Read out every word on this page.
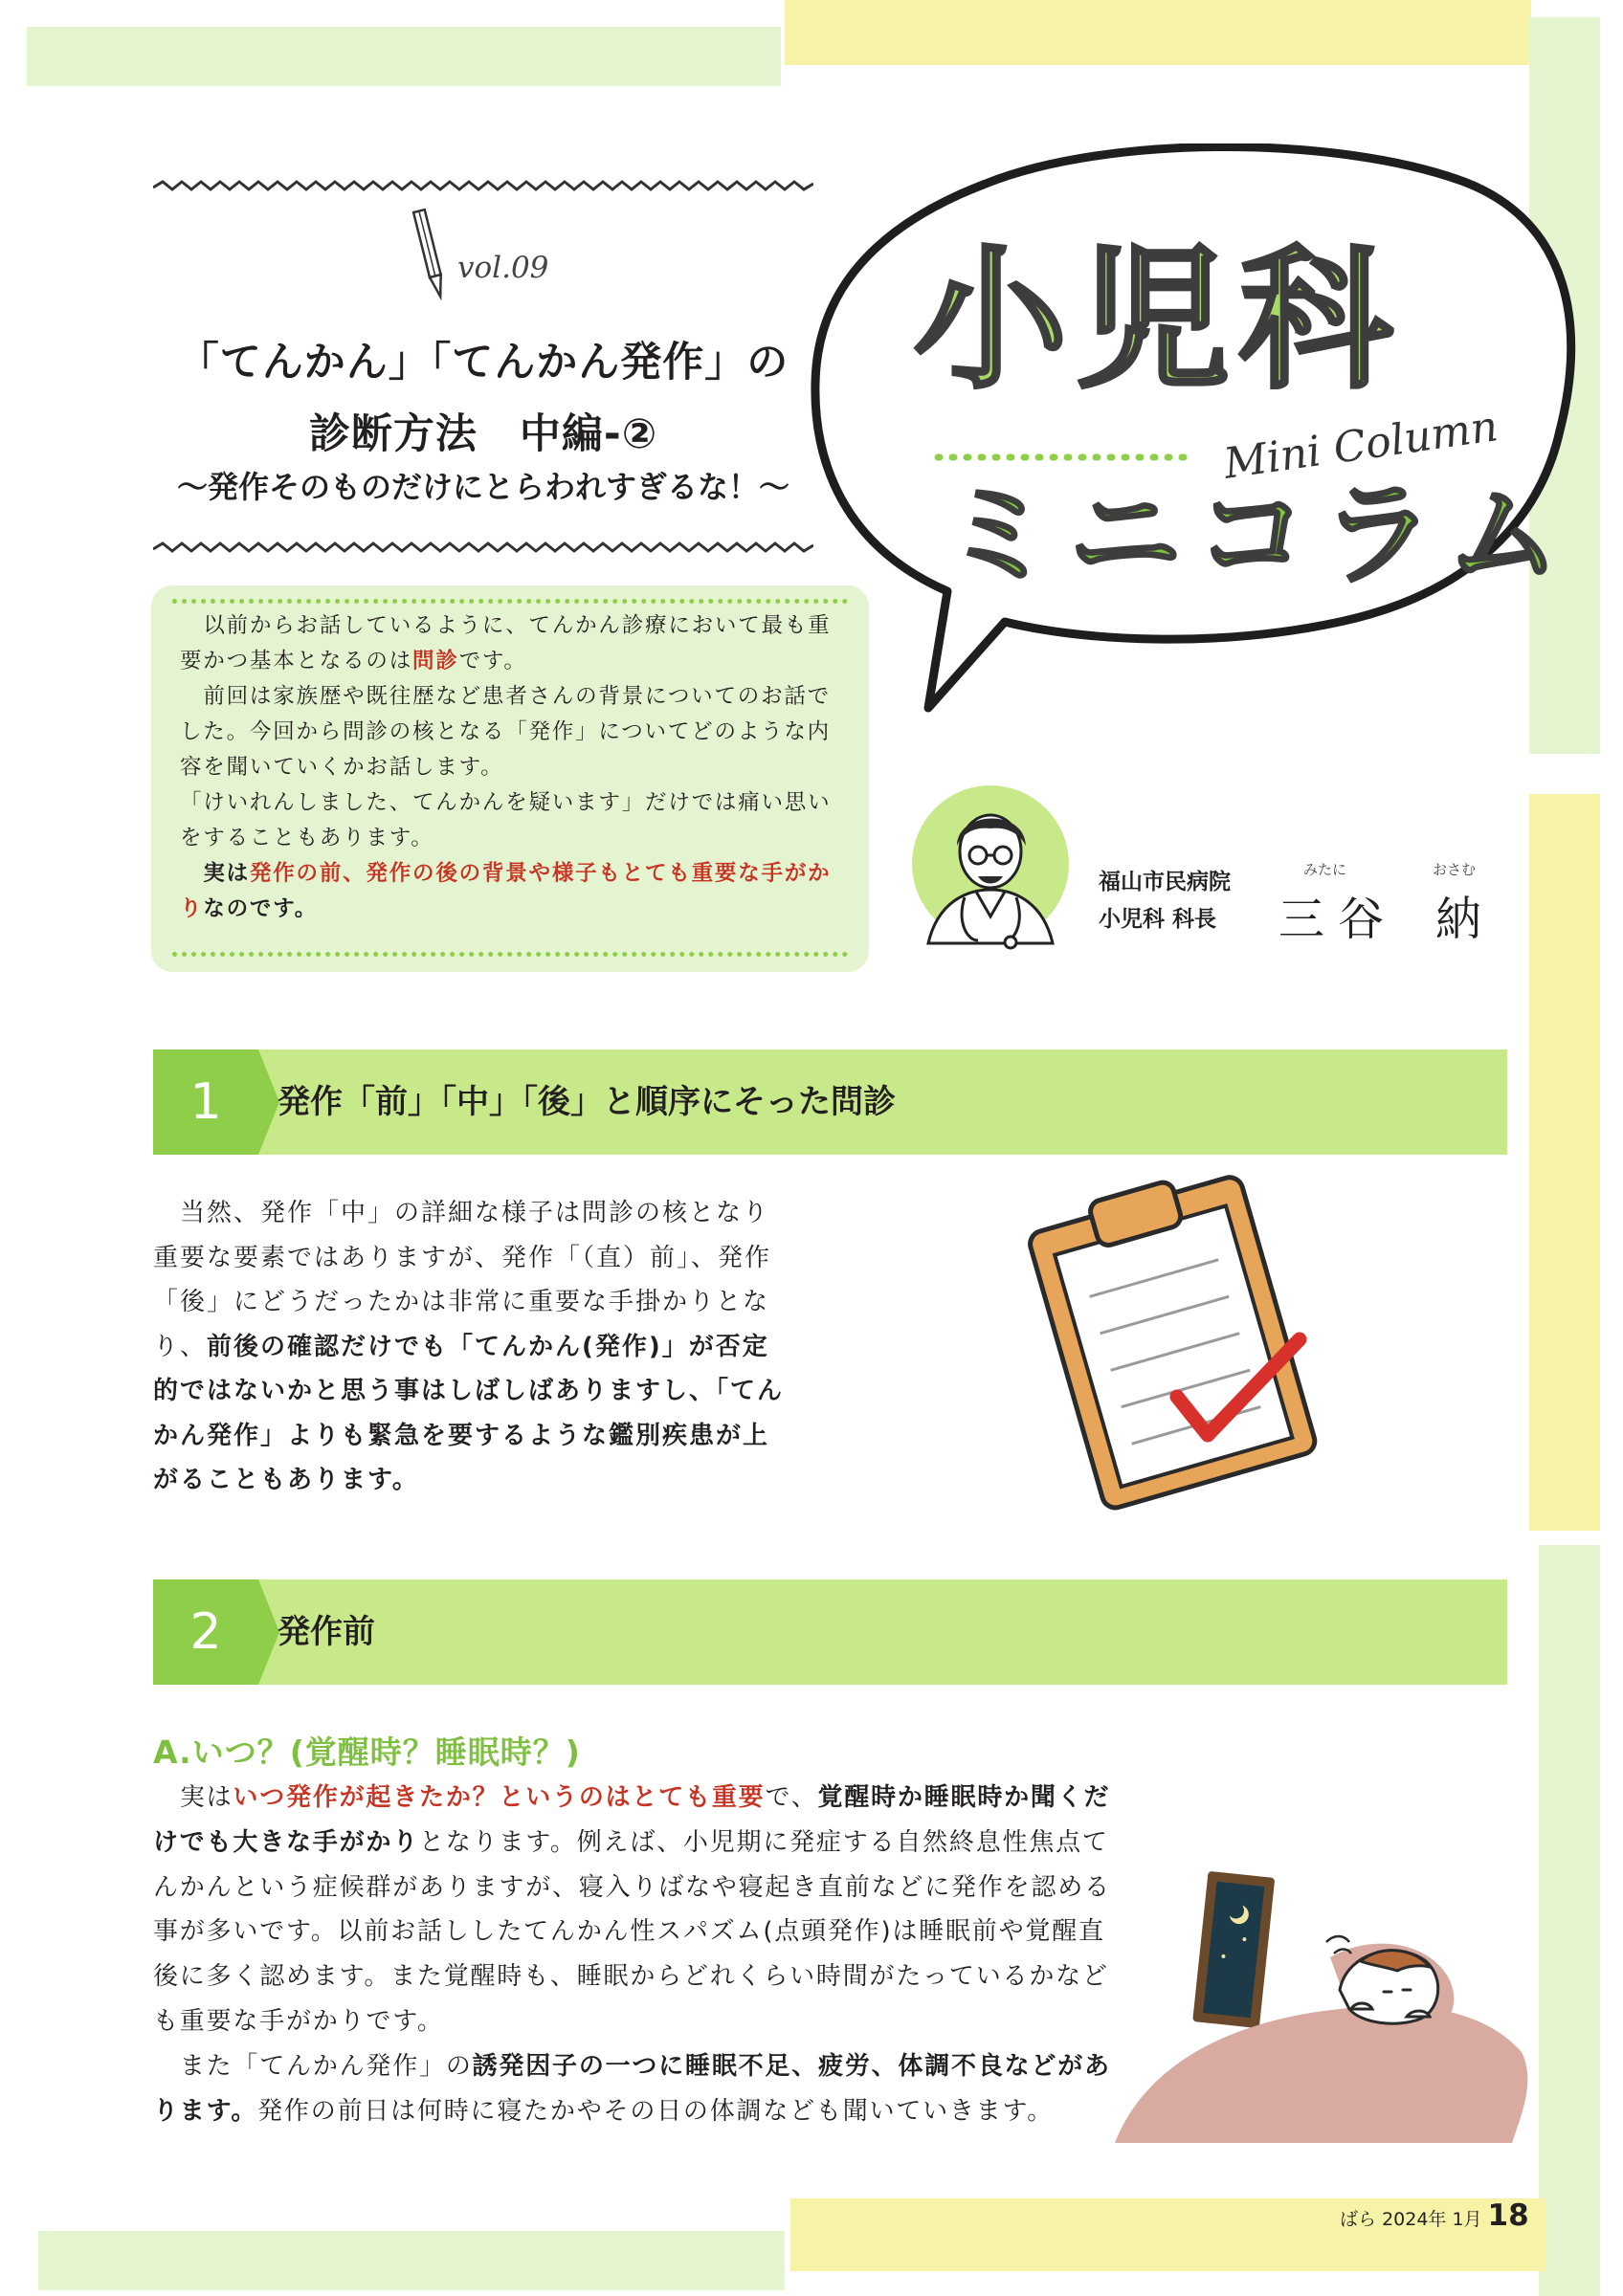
vol.09
「てんかん」「てんかん発作」の
診断方法　中編-②
～発作そのものだけにとらわれすぎるな！～

　以前からお話しているように、てんかん診療において最も重要かつ基本となるのは問診です。

　前回は家族歴や既往歴など患者さんの背景についてのお話でした。今回から問診の核となる「発作」についてどのような内容を聞いていくかお話します。

「けいれんしました、てんかんを疑います」だけでは痛い思いをすることもあります。

　実は発作の前、発作の後の背景や様子もとても重要な手がかりなのです。

小児科
Mini Column
ミニコラム
福山市民病院
小児科 科長
みたに	おさむ
三谷 納
1	発作「前」「中」「後」と順序にそった問診

　当然、発作「中」の詳細な様子は問診の核となり重要な要素ではありますが、発作「（直）前」、発作「後」にどうだったかは非常に重要な手掛かりとなり、前後の確認だけでも「てんかん(発作)」が否定的ではないかと思う事はしばしばありますし、「てんかん発作」よりも緊急を要するような鑑別疾患が上がることもあります。

2	発作前
A.いつ？(覚醒時？睡眠時？)

　実はいつ発作が起きたか？というのはとても重要で、覚醒時か睡眠時か聞くだけでも大きな手がかりとなります。例えば、小児期に発症する自然終息性焦点てんかんという症候群がありますが、寝入りばなや寝起き直前などに発作を認める事が多いです。以前お話ししたてんかん性スパズム(点頭発作)は睡眠前や覚醒直後に多く認めます。また覚醒時も、睡眠からどれくらい時間がたっているかなども重要な手がかりです。

　また「てんかん発作」の誘発因子の一つに睡眠不足、疲労、体調不良などがあります。発作の前日は何時に寝たかやその日の体調なども聞いていきます。

ばら 2024年 1月 18
